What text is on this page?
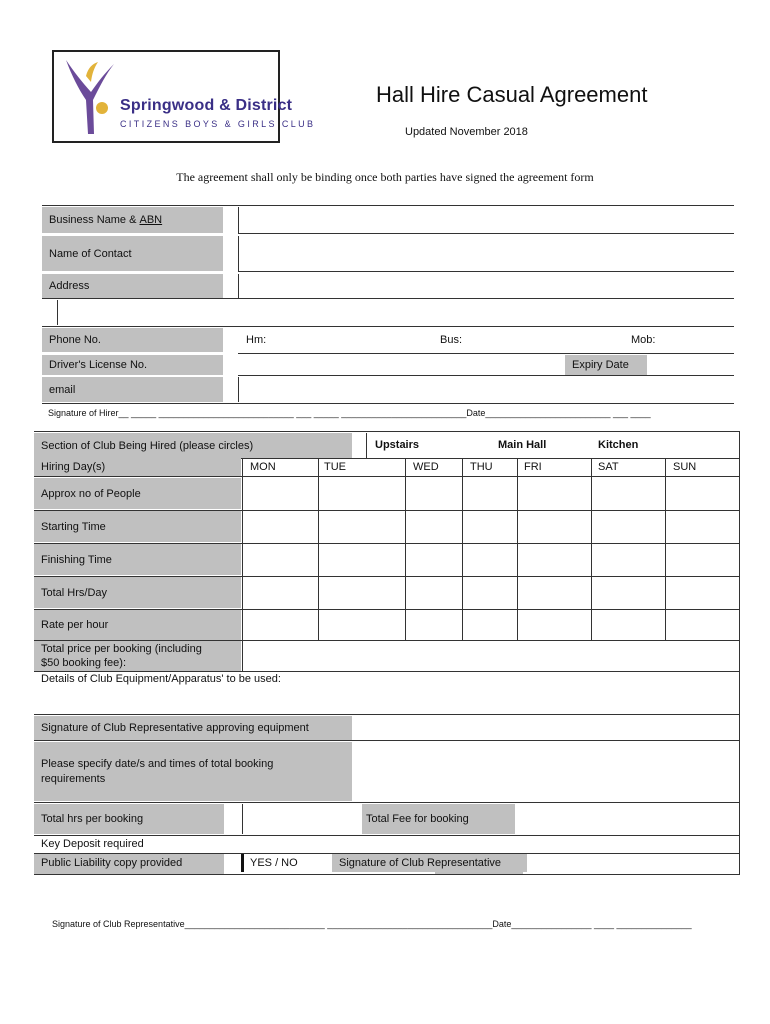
Springwood & District
CITIZENS BOYS & GIRLS CLUB
Hall Hire Casual Agreement
Updated November 2018
The agreement shall only be binding once both parties have signed the agreement form
Business Name & ABN
Name of Contact
Address
Phone No.	Hm:	Bus:	Mob:
Driver's License No.	Expiry Date
email
Signature of Hirer__ _____ ___________________________ ___ _____ _________________________Date_________________________ ___ ____
Section of Club Being Hired (please circles)	Upstairs	Main Hall	Kitchen
Hiring Day(s)	MON	TUE	WED	THU	FRI	SAT	SUN
Approx no of People
Starting Time
Finishing Time
Total Hrs/Day
Rate per hour
Total price per booking (including
$50 booking fee):
Details of Club Equipment/Apparatus' to be used:
Signature of Club Representative approving equipment
Please specify date/s and times of total booking
requirements
Total hrs per booking	Total Fee for booking
Key Deposit required
Public Liability copy provided	YES / NO	Signature of Club Representative
Signature of Club Representative____________________________ _________________________________Date________________ ____ _______________
